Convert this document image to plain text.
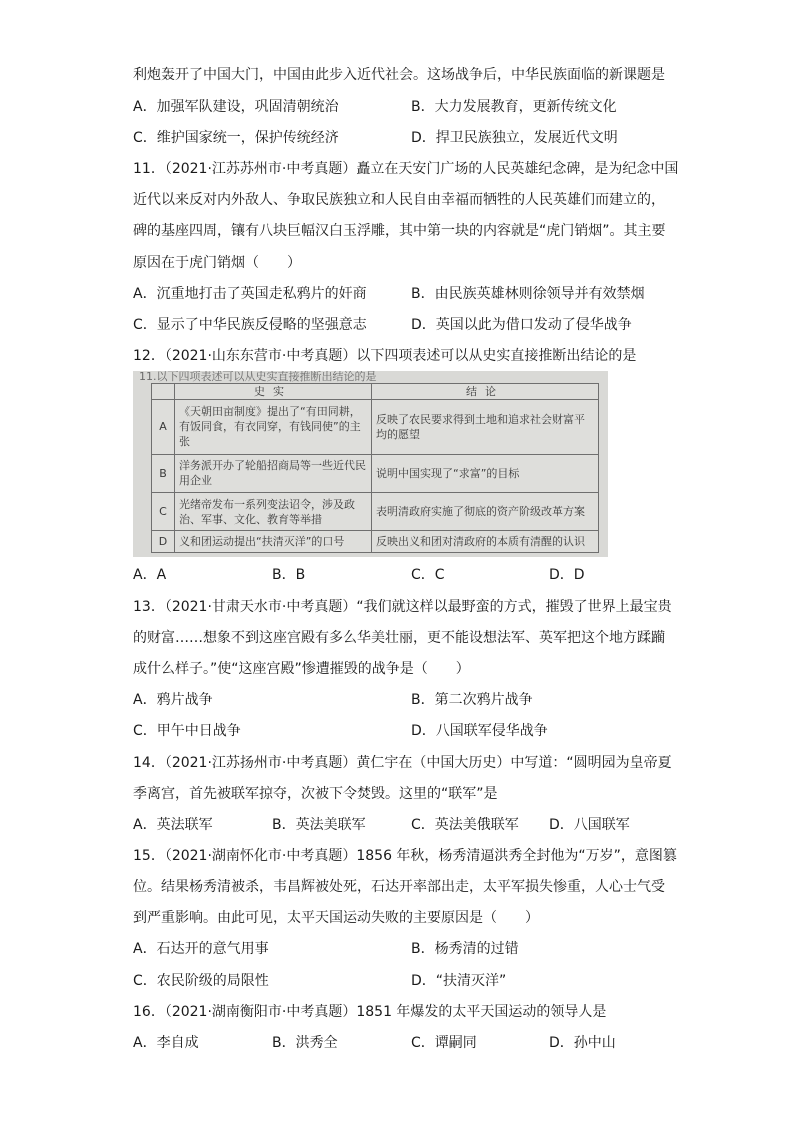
利炮轰开了中国大门，中国由此步入近代社会。这场战争后，中华民族面临的新课题是
A．加强军队建设，巩固清朝统治	B．大力发展教育，更新传统文化
C．维护国家统一，保护传统经济	D．捍卫民族独立，发展近代文明
11．（2021·江苏苏州市·中考真题）矗立在天安门广场的人民英雄纪念碑，是为纪念中国
近代以来反对内外敌人、争取民族独立和人民自由幸福而牺牲的人民英雄们而建立的，
碑的基座四周，镶有八块巨幅汉白玉浮雕，其中第一块的内容就是“虎门销烟”。其主要
原因在于虎门销烟（　　）
A．沉重地打击了英国走私鸦片的奸商	B．由民族英雄林则徐领导并有效禁烟
C．显示了中华民族反侵略的坚强意志	D．英国以此为借口发动了侵华战争
12．（2021·山东东营市·中考真题）以下四项表述可以从史实直接推断出结论的是
11.以下四项表述可以从史实直接推断出结论的是
	史实	结论
A	《天朝田亩制度》提出了“有田同耕，有饭同食，有衣同穿，有钱同使”的主张	反映了农民要求得到土地和追求社会财富平均的愿望
B	洋务派开办了轮船招商局等一些近代民用企业	说明中国实现了“求富”的目标
C	光绪帝发布一系列变法诏令，涉及政治、军事、文化、教育等举措	表明清政府实施了彻底的资产阶级改革方案
D	义和团运动提出“扶清灭洋”的口号	反映出义和团对清政府的本质有清醒的认识
A．A	B．B	C．C	D．D
13．（2021·甘肃天水市·中考真题）“我们就这样以最野蛮的方式，摧毁了世界上最宝贵
的财富……想象不到这座宫殿有多么华美壮丽，更不能设想法军、英军把这个地方蹂躏
成什么样子。”使“这座宫殿”惨遭摧毁的战争是（　　）
A．鸦片战争	B．第二次鸦片战争
C．甲午中日战争	D．八国联军侵华战争
14．（2021·江苏扬州市·中考真题）黄仁宇在（中国大历史）中写道：“圆明园为皇帝夏
季离宫，首先被联军掠夺，次被下令焚毁。这里的“联军”是
A．英法联军	B．英法美联军	C．英法美俄联军 D．八国联军
15．（2021·湖南怀化市·中考真题）1856 年秋，杨秀清逼洪秀全封他为“万岁”，意图篡
位。结果杨秀清被杀，韦昌辉被处死，石达开率部出走，太平军损失惨重，人心士气受
到严重影响。由此可见，太平天国运动失败的主要原因是（　　）
A．石达开的意气用事	B．杨秀清的过错
C．农民阶级的局限性	D．“扶清灭洋”
16．（2021·湖南衡阳市·中考真题）1851 年爆发的太平天国运动的领导人是
A．李自成	B．洪秀全	C．谭嗣同	D．孙中山
